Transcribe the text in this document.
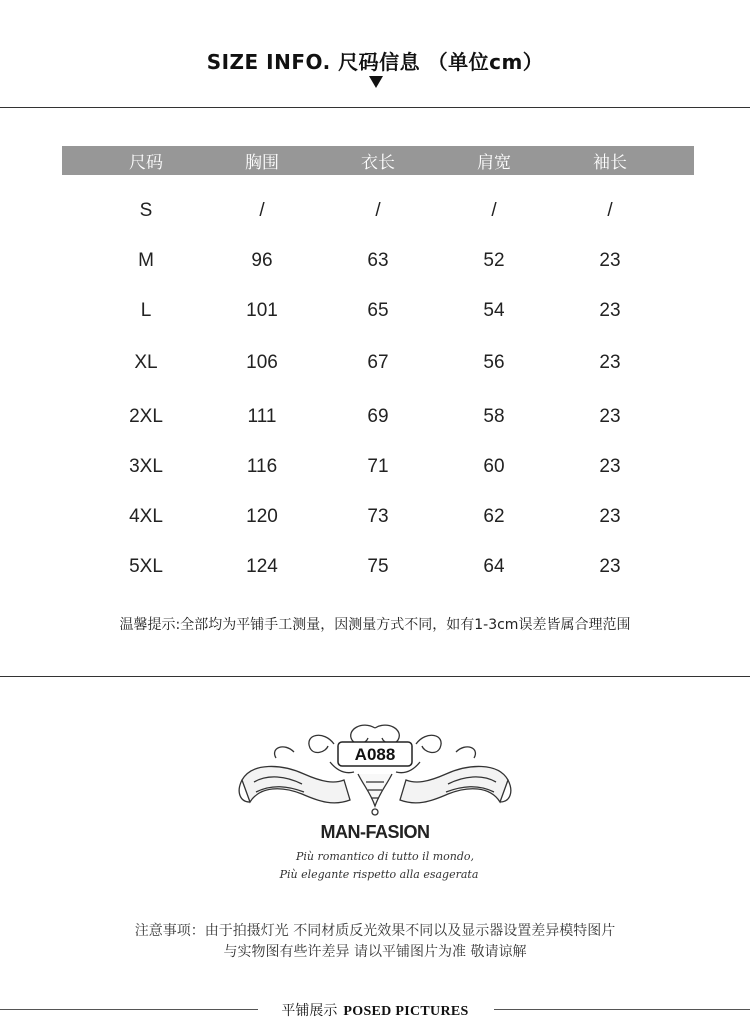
SIZE INFO. 尺码信息 （单位cm）
尺码	胸围	衣长	肩宽	袖长
S	/	/	/	/
M	96	63	52	23
L	101	65	54	23
XL	106	67	56	23
2XL	111	69	58	23
3XL	116	71	60	23
4XL	120	73	62	23
5XL	124	75	64	23
温馨提示:全部均为平铺手工测量，因测量方式不同，如有1-3cm误差皆属合理范围
A088
MAN-FASION
Più romantico di tutto il mondo,
Più elegante rispetto alla esagerata
注意事项：由于拍摄灯光 不同材质反光效果不同以及显示器设置差异模特图片
与实物图有些许差异 请以平铺图片为准 敬请谅解
平铺展示 POSED PICTURES
